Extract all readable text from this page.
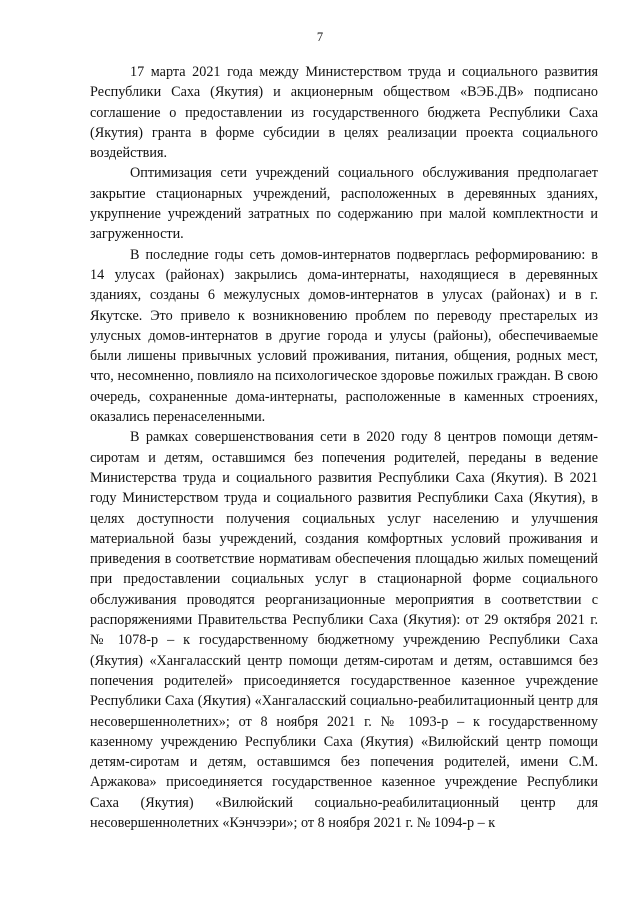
7

17 марта 2021 года между Министерством труда и социального развития Республики Саха (Якутия) и акционерным обществом «ВЭБ.ДВ» подписано соглашение о предоставлении из государственного бюджета Республики Саха (Якутия) гранта в форме субсидии в целях реализации проекта социального воздействия.

Оптимизация сети учреждений социального обслуживания предполагает закрытие стационарных учреждений, расположенных в деревянных зданиях, укрупнение учреждений затратных по содержанию при малой комплектности и загруженности.

В последние годы сеть домов-интернатов подверглась реформированию: в 14 улусах (районах) закрылись дома-интернаты, находящиеся в деревянных зданиях, созданы 6 межулусных домов-интернатов в улусах (районах) и в г. Якутске. Это привело к возникновению проблем по переводу престарелых из улусных домов-интернатов в другие города и улусы (районы), обеспечиваемые были лишены привычных условий проживания, питания, общения, родных мест, что, несомненно, повлияло на психологическое здоровье пожилых граждан. В свою очередь, сохраненные дома-интернаты, расположенные в каменных строениях, оказались перенаселенными.

В рамках совершенствования сети в 2020 году 8 центров помощи детям-сиротам и детям, оставшимся без попечения родителей, переданы в ведение Министерства труда и социального развития Республики Саха (Якутия). В 2021 году Министерством труда и социального развития Республики Саха (Якутия), в целях доступности получения социальных услуг населению и улучшения материальной базы учреждений, создания комфортных условий проживания и приведения в соответствие нормативам обеспечения площадью жилых помещений при предоставлении социальных услуг в стационарной форме социального обслуживания проводятся реорганизационные мероприятия в соответствии с распоряжениями Правительства Республики Саха (Якутия): от 29 октября 2021 г. № 1078-р – к государственному бюджетному учреждению Республики Саха (Якутия) «Хангаласский центр помощи детям-сиротам и детям, оставшимся без попечения родителей» присоединяется государственное казенное учреждение Республики Саха (Якутия) «Хангаласский социально-реабилитационный центр для несовершеннолетних»; от 8 ноября 2021 г. № 1093-р – к государственному казенному учреждению Республики Саха (Якутия) «Вилюйский центр помощи детям-сиротам и детям, оставшимся без попечения родителей, имени С.М. Аржакова» присоединяется государственное казенное учреждение Республики Саха (Якутия) «Вилюйский социально-реабилитационный центр для несовершеннолетних «Кэнчээри»; от 8 ноября 2021 г. № 1094-р – к
